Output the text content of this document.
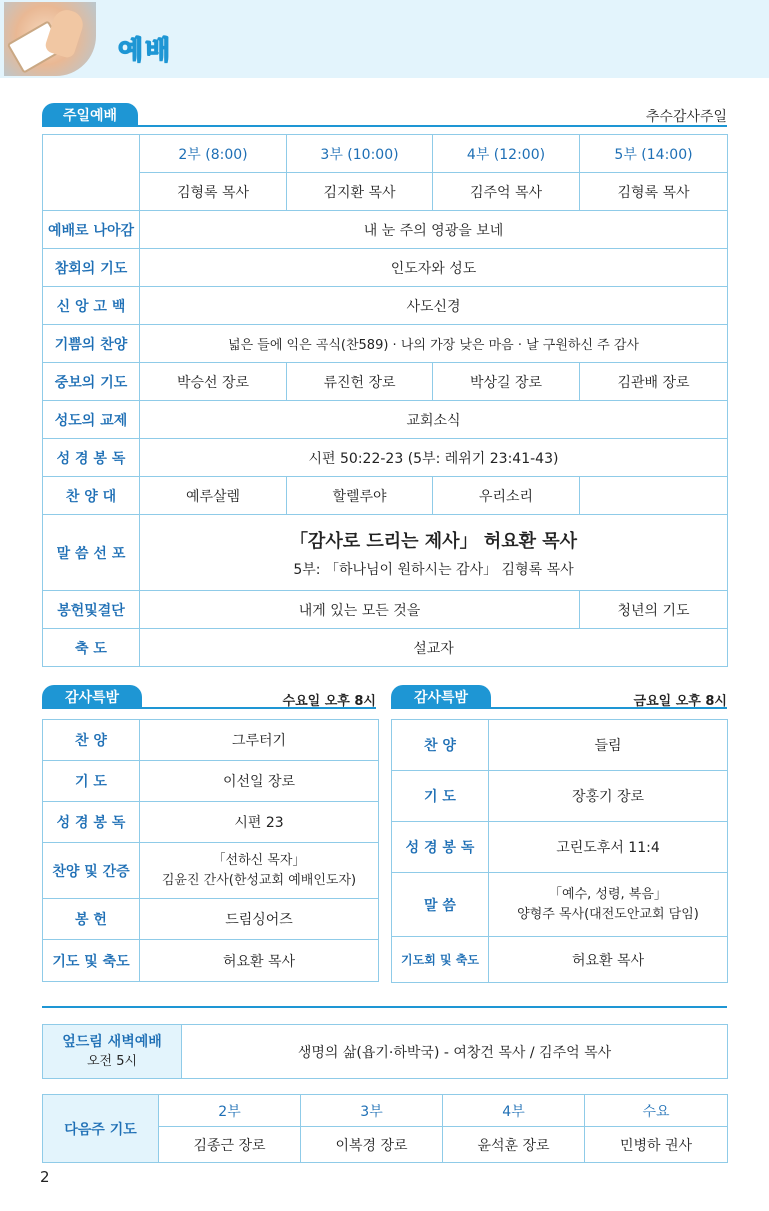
예배
주일예배	추수감사주일
	2부 (8:00)	3부 (10:00)	4부 (12:00)	5부 (14:00)
	김형록 목사	김지환 목사	김주억 목사	김형록 목사
예배로 나아감	내 눈 주의 영광을 보네			
참회의 기도	인도자와 성도			
신 앙 고 백	사도신경			
기쁨의 찬양	넓은 들에 익은 곡식(찬589) · 나의 가장 낮은 마음 · 날 구원하신 주 감사			
중보의 기도	박승선 장로	류진헌 장로	박상길 장로	김관배 장로
성도의 교제	교회소식			
성 경 봉 독	시편 50:22-23 (5부: 레위기 23:41-43)			
찬 양 대	예루살렘	할렐루야	우리소리	
말 씀 선 포	「감사로 드리는 제사」 허요환 목사
5부: 「하나님이 원하시는 감사」 김형록 목사			

봉헌및결단	내게 있는 모든 것을			청년의 기도
축 도	설교자			
감사특밤	수요일 오후 8시
찬 양	그루터기
기 도	이선일 장로
성 경 봉 독	시편 23
찬양 및 간증	「선하신 목자」
김윤진 간사(한성교회 예배인도자)

봉 헌	드림싱어즈
기도 및 축도	허요환 목사
감사특밤	금요일 오후 8시
찬 양	들림
기 도	장홍기 장로
성 경 봉 독	고린도후서 11:4
말 씀	「예수, 성령, 복음」
양형주 목사(대전도안교회 담임)

기도회 및 축도	허요환 목사
엎드림 새벽예배
오전 5시
	생명의 삶(욥기·하박국) - 여창건 목사 / 김주억 목사
다음주 기도	2부	3부	4부	수요
	김종근 장로	이복경 장로	윤석훈 장로	민병하 권사
2
